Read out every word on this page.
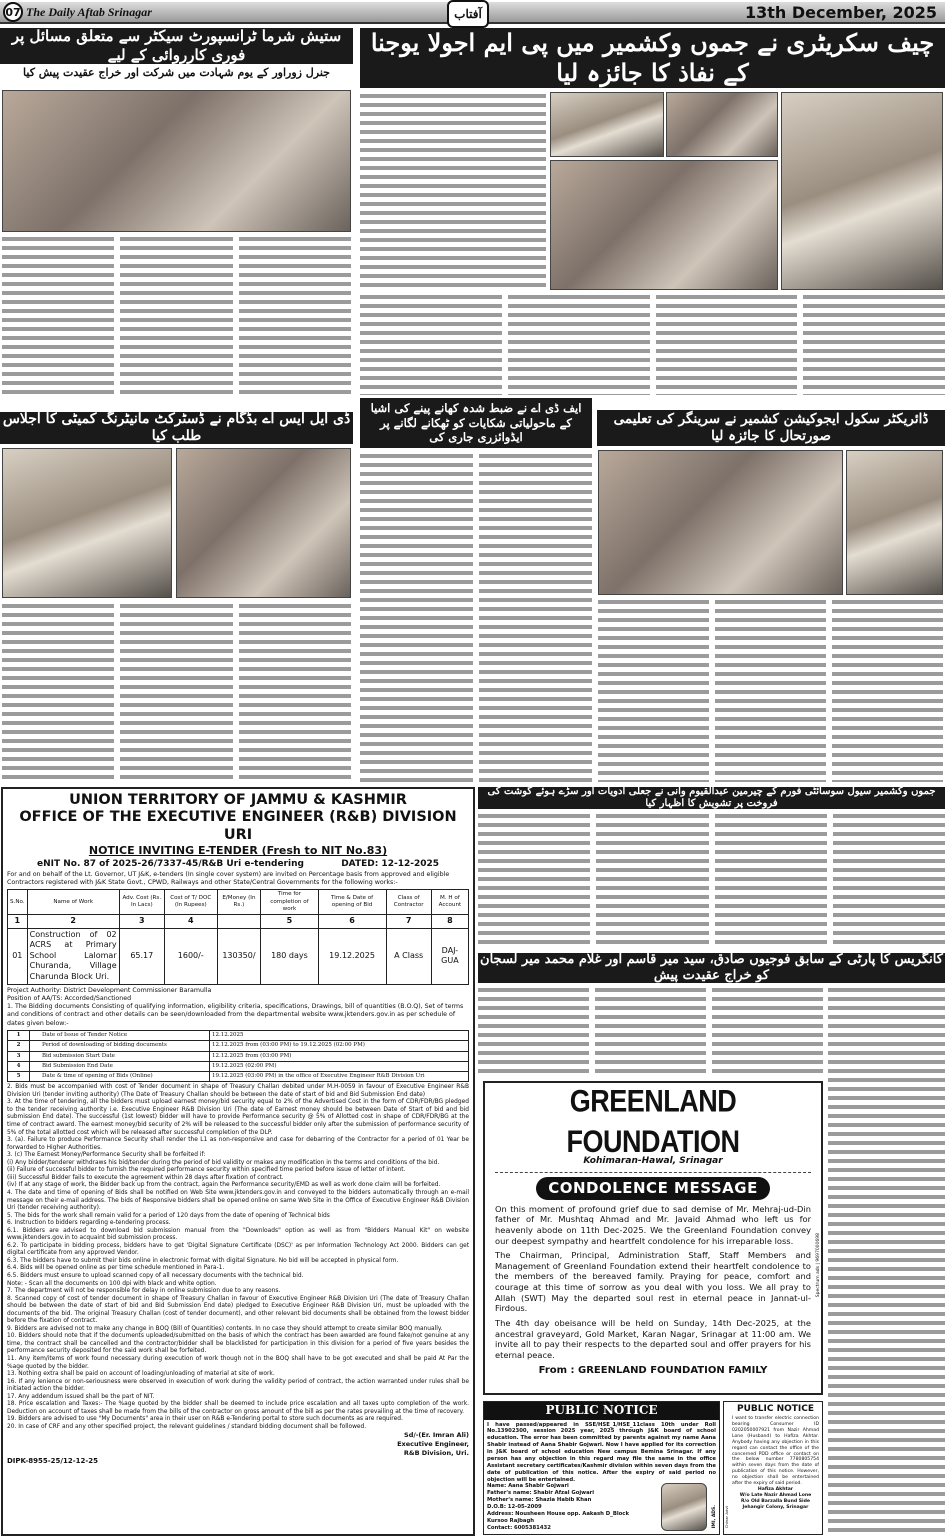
07 The Daily Aftab Srinagar	آفتاب	13th December, 2025
ستیش شرما ٹرانسپورٹ سیکٹر سے متعلق مسائل پر فوری کارروائی کے لیے
جنرل زوراور کے یوم شہادت میں شرکت اور خراج عقیدت پیش کیا
چیف سکریٹری نے جموں وکشمیر میں پی ایم اجولا یوجنا کے نفاذ کا جائزہ لیا
ڈی ایل ایس اے بڈگام نے ڈسٹرکٹ مانیٹرنگ کمیٹی کا اجلاس طلب کیا
ایف ڈی اے نے ضبط شدہ کھانے پینے کی اشیا کے ماحولیاتی شکایات کو ٹھکانے لگانے پر ایڈوائزری جاری کی
ڈائریکٹر سکول ایجوکیشن کشمیر نے سرینگر کی تعلیمی صورتحال کا جائزہ لیا
UNION TERRITORY OF JAMMU & KASHMIR
OFFICE OF THE EXECUTIVE ENGINEER (R&B) DIVISION URI
NOTICE INVITING E-TENDER (Fresh to NIT No.83)
eNIT No. 87 of 2025-26/7337-45/R&B Uri e-tendering	DATED: 12-12-2025
For and on behalf of the Lt. Governor, UT J&K, e-tenders (In single cover system) are invited on Percentage basis from approved and eligible Contractors registered with J&K State Govt., CPWD, Railways and other State/Central Governments for the following works:-
S.No.	Name of Work	Adv. Cost (Rs. In Lacs)	Cost of T/ DOC (In Rupees)	E/Money (In Rs.)	Time for completion of work	Time & Date of opening of Bid	Class of Contractor	M. H of Account
1	2	3	4		5	6	7	8
01	Construction of 02 ACRS at Primary School Lalomar Churanda, Village Charunda Block Uri.	65.17	1600/-	130350/	180 days	19.12.2025	A Class	DAJ-GUA
Project Authority: District Development Commissioner Baramulla
Position of AA/TS: Accorded/Sanctioned
1. The Bidding documents Consisting of qualifying information, eligibility criteria, specifications, Drawings, bill of quantities (B.O.Q), Set of terms and conditions of contract and other details can be seen/downloaded from the departmental website www.jktenders.gov.in as per schedule of dates given below:-
1	Date of Issue of Tender Notice	12.12.2025
2	Period of downloading of bidding documents	12.12.2025 from (03:00 PM) to 19.12.2025 (02:00 PM)
3	Bid submission Start Date	12.12.2025 from (03:00 PM)
4	Bid Submission End Date	19.12.2025 (02:00 PM)
5	Date & time of opening of Bids (Online)	19.12.2025 (03:00 PM) in the office of Executive Engineer R&B Division Uri
2. Bids must be accompanied with cost of Tender document in shape of Treasury Challan debited under M.H-0059 in favour of Executive Engineer R&B Division Uri (tender inviting authority) (The Date of Treasury Challan should be between the date of start of bid and Bid Submission End date)
3. At the time of tendering, all the bidders must upload earnest money/bid security equal to 2% of the Advertised Cost in the form of CDR/FDR/BG pledged to the tender receiving authority i.e. Executive Engineer R&B Division Uri (The date of Earnest money should be between Date of Start of bid and bid submission End date). The successful (1st lowest) bidder will have to provide Performance security @ 5% of Allotted cost in shape of CDR/FDR/BG at the time of contract award. The earnest money/bid security of 2% will be released to the successful bidder only after the submission of performance security of 5% of the total allotted cost which will be released after successful completion of the DLP.
3. (a). Failure to produce Performance Security shall render the L1 as non-responsive and case for debarring of the Contractor for a period of 01 Year be forwarded to Higher Authorities.
3. (c) The Earnest Money/Performance Security shall be forfeited if:
(i) Any bidder/tenderer withdraws his bid/tender during the period of bid validity or makes any modification in the terms and conditions of the bid.
(ii) Failure of successful bidder to furnish the required performance security within specified time period before issue of letter of intent.
(iii) Successful Bidder fails to execute the agreement within 28 days after fixation of contract.
(iv) If at any stage of work, the Bidder back up from the contract, again the Performance security/EMD as well as work done claim will be forfeited.
4. The date and time of opening of Bids shall be notified on Web Site www.jktenders.gov.in and conveyed to the bidders automatically through an e-mail message on their e-mail address. The bids of Responsive bidders shall be opened online on same Web Site in the Office of Executive Engineer R&B Division Uri (tender receiving authority).
5. The bids for the work shall remain valid for a period of 120 days from the date of opening of Technical bids
6. Instruction to bidders regarding e-tendering process.
6.1. Bidders are advised to download bid submission manual from the "Downloads" option as well as from "Bidders Manual Kit" on website www.jktenders.gov.in to acquaint bid submission process.
6.2. To participate in bidding process, bidders have to get 'Digital Signature Certificate (DSC)' as per Information Technology Act 2000. Bidders can get digital certificate from any approved Vendor.
6.3. The bidders have to submit their bids online in electronic format with digital Signature. No bid will be accepted in physical form.
6.4. Bids will be opened online as per time schedule mentioned in Para-1.
6.5. Bidders must ensure to upload scanned copy of all necessary documents with the technical bid.
Note: - Scan all the documents on 100 dpi with black and white option.
7. The department will not be responsible for delay in online submission due to any reasons.
8. Scanned copy of cost of tender document in shape of Treasury Challan in favour of Executive Engineer R&B Division Uri (The date of Treasury Challan should be between the date of start of bid and Bid Submission End date) pledged to Executive Engineer R&B Division Uri, must be uploaded with the documents of the bid. The original Treasury Challan (cost of tender document), and other relevant bid documents shall be obtained from the lowest bidder before the fixation of contract.
9. Bidders are advised not to make any change in BOQ (Bill of Quantities) contents. In no case they should attempt to create similar BOQ manually.
10. Bidders should note that if the documents uploaded/submitted on the basis of which the contract has been awarded are found fake/not genuine at any time, the contract shall be cancelled and the contractor/bidder shall be blacklisted for participation in this division for a period of five years besides the performance security deposited for the said work shall be forfeited.
11. Any item/items of work found necessary during execution of work though not in the BOQ shall have to be got executed and shall be paid At Par the %age quoted by the bidder.
13. Nothing extra shall be paid on account of loading/unloading of material at site of work.
16. If any lenience or non-seriousness were observed in execution of work during the validity period of contract, the action warranted under rules shall be initiated action the bidder.
17. Any addendum issued shall be the part of NIT.
18. Price escalation and Taxes:- The %age quoted by the bidder shall be deemed to include price escalation and all taxes upto completion of the work. Deduction on account of taxes shall be made from the bills of the contractor on gross amount of the bill as per the rates prevailing at the time of recovery.
19. Bidders are advised to use "My Documents" area in their user on R&B e-Tendering portal to store such documents as are required.
20. In case of CRF and any other specified project, the relevant guidelines / standard bidding document shall be followed.
Sd/-(Er. Imran Ali)
Executive Engineer,
R&B Division, Uri.
DIPK-8955-25/12-12-25
جموں وکشمیر سیول سوسائٹی فورم کے چیرمین عبدالقیوم وانی نے جعلی ادویات اور سڑے ہوئے گوشت کی فروخت پر تشویش کا اظہار کیا
کانگریس کا پارٹی کے سابق فوجیوں صادق، سید میر قاسم اور غلام محمد میر لسجان کو خراج عقیدت پیش
GREENLAND FOUNDATION
Kohimaran-Hawal, Srinagar
CONDOLENCE MESSAGE

On this moment of profound grief due to sad demise of Mr. Mehraj-ud-Din father of Mr. Mushtaq Ahmad and Mr. Javaid Ahmad who left us for heavenly abode on 11th Dec-2025. We the Greenland Foundation convey our deepest sympathy and heartfelt condolence for his irreparable loss.

The Chairman, Principal, Administration Staff, Staff Members and Management of Greenland Foundation extend their heartfelt condolence to the members of the bereaved family. Praying for peace, comfort and courage at this time of sorrow as you deal with you loss. We all pray to Allah (SWT) May the departed soul rest in eternal peace in Jannat-ul-Firdous.

The 4th day obeisance will be held on Sunday, 14th Dec-2025, at the ancestral graveyard, Gold Market, Karan Nagar, Srinagar at 11:00 am. We invite all to pay their respects to the departed soul and offer prayers for his eternal peace.

From : GREENLAND FOUNDATION FAMILY
Spectrum ads | 9697000698
PUBLIC NOTICE

I have passed/appeared in SSE/HSE_1/HSE_11class 10th under Roll No.13902300, session 2025 year, 2025 through J&K board of school education. The error has been committed by parents against my name Aana Shabir instead of Aana Shabir Gojwari. Now I have applied for its correction in J&K board of school education New campus Bemina Srinagar. If any person has any objection in this regard may file the same in the office Assistant secretary certificates/Kashmir division within seven days from the date of publication of this notice. After the expiry of said period no objection will be entertained.

Name: Aana Shabir Gojwari
Father's name: Shabir Afzal Gojwari
Mother's name: Shazia Habib Khan
D.O.B: 12-05-2009
Address: Nousheen House opp. Aakash D_Block Kursoo Rajbagh
Contact: 6005381432	IMI, ADS.
PUBLIC NOTICE

I want to transfer electric connection bearing Consumer ID 0202050007921 from Nazir Ahmad Lone (Husband) to Hafiza Akhtar. Anybody having any objection in this regard can contact the office of the concerned PDD office or contact on the below number 7780805754 within seven days from the date of publication of this notice. However, no objection shall be entertained after the expiry of said period.

Hafiza Akhtar
W/o Late Nazir Ahmad Lone
R/o Old Barzalla Bund Side
Jehangir Colony, Srinagar
Chinar Advt
